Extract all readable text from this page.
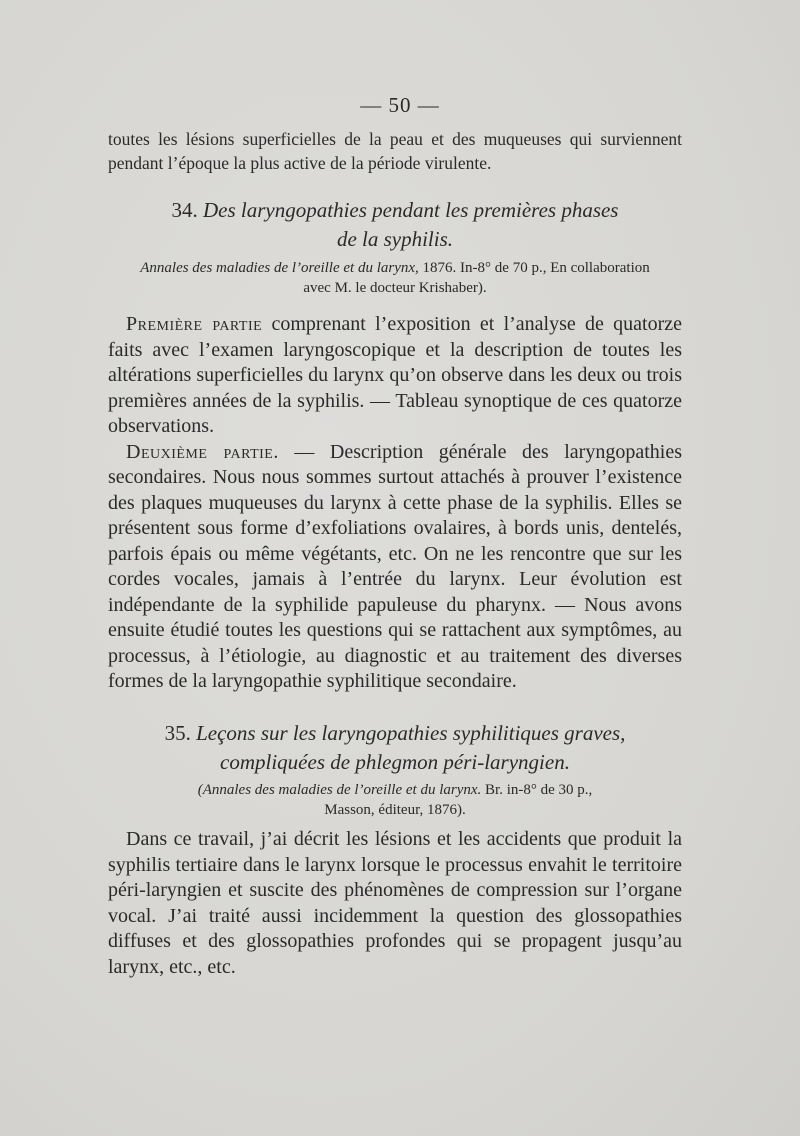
— 50 —
toutes les lésions superficielles de la peau et des muqueuses qui surviennent pendant l’époque la plus active de la période virulente.
34. Des laryngopathies pendant les premières phases
de la syphilis.
Annales des maladies de l’oreille et du larynx, 1876. In-8° de 70 p., En collaboration
avec M. le docteur Krishaber).

Première partie comprenant l’exposition et l’analyse de quatorze faits avec l’examen laryngoscopique et la description de toutes les altérations superficielles du larynx qu’on observe dans les deux ou trois premières années de la syphilis. — Tableau synoptique de ces quatorze observations.

Deuxième partie. — Description générale des laryngopathies secondaires. Nous nous sommes surtout attachés à prouver l’existence des plaques muqueuses du larynx à cette phase de la syphilis. Elles se présentent sous forme d’exfoliations ovalaires, à bords unis, dentelés, parfois épais ou même végétants, etc. On ne les rencontre que sur les cordes vocales, jamais à l’entrée du larynx. Leur évolution est indépendante de la syphilide papuleuse du pharynx. — Nous avons ensuite étudié toutes les questions qui se rattachent aux symptômes, au processus, à l’étiologie, au diagnostic et au traitement des diverses formes de la laryngopathie syphilitique secondaire.

35. Leçons sur les laryngopathies syphilitiques graves,
compliquées de phlegmon péri-laryngien.
(Annales des maladies de l’oreille et du larynx. Br. in-8° de 30 p.,
Masson, éditeur, 1876).

Dans ce travail, j’ai décrit les lésions et les accidents que produit la syphilis tertiaire dans le larynx lorsque le processus envahit le territoire péri-laryngien et suscite des phénomènes de compression sur l’organe vocal. J’ai traité aussi incidemment la question des glossopathies diffuses et des glossopathies profondes qui se propagent jusqu’au larynx, etc., etc.
